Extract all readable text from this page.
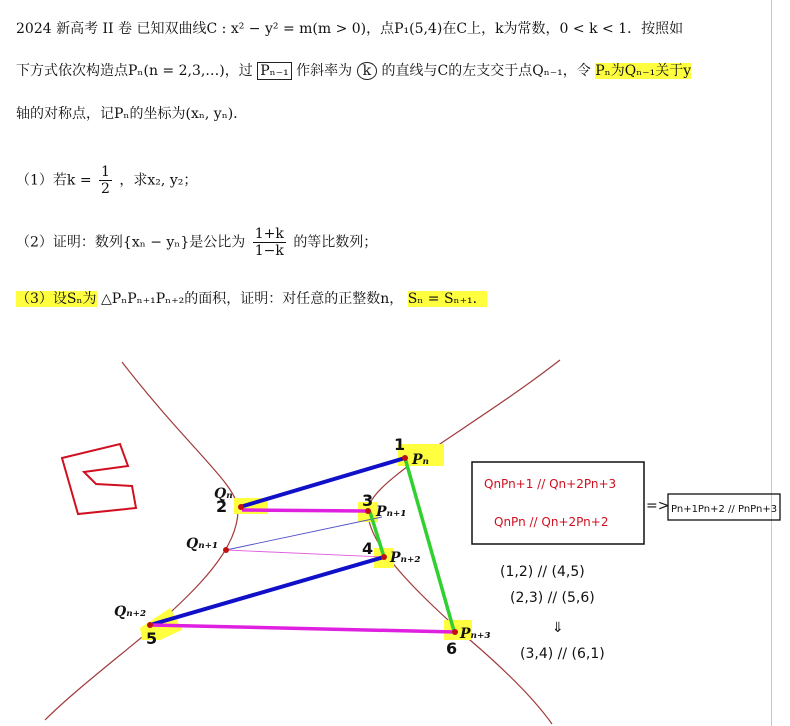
2024 新高考 II 卷 已知双曲线C : x² − y² = m(m > 0)，点P₁(5,4)在C上，k为常数，0 < k < 1．按照如
下方式依次构造点Pₙ(n = 2,3,…)，过 Pₙ₋₁ 作斜率为 k 的直线与C的左支交于点Qₙ₋₁，令 Pₙ为Qₙ₋₁关于y
轴的对称点，记Pₙ的坐标为(xₙ, yₙ)．
（1）若$k = \frac{1}{2}$ ，求x₂, y₂；
（2）证明：数列{xₙ − yₙ}是公比为 $\frac{1+k}{1-k}$ 的等比数列；
（3）设Sₙ为 △PₙPₙ₊₁Pₙ₊₂的面积，证明：对任意的正整数n， Sₙ = Sₙ₊₁．
Pₙ
Qₙ
Pₙ₊₁
Qₙ₊₁
Pₙ₊₂
Qₙ₊₂
Pₙ₊₃
1
2	3
4
5
6
QnPn+1 // Qn+2Pn+3
QnPn // Qn+2Pn+2
=> Pn+1Pn+2 // PnPn+3
(1,2) // (4,5)
(2,3) // (5,6)
⇓
(3,4) // (6,1)
